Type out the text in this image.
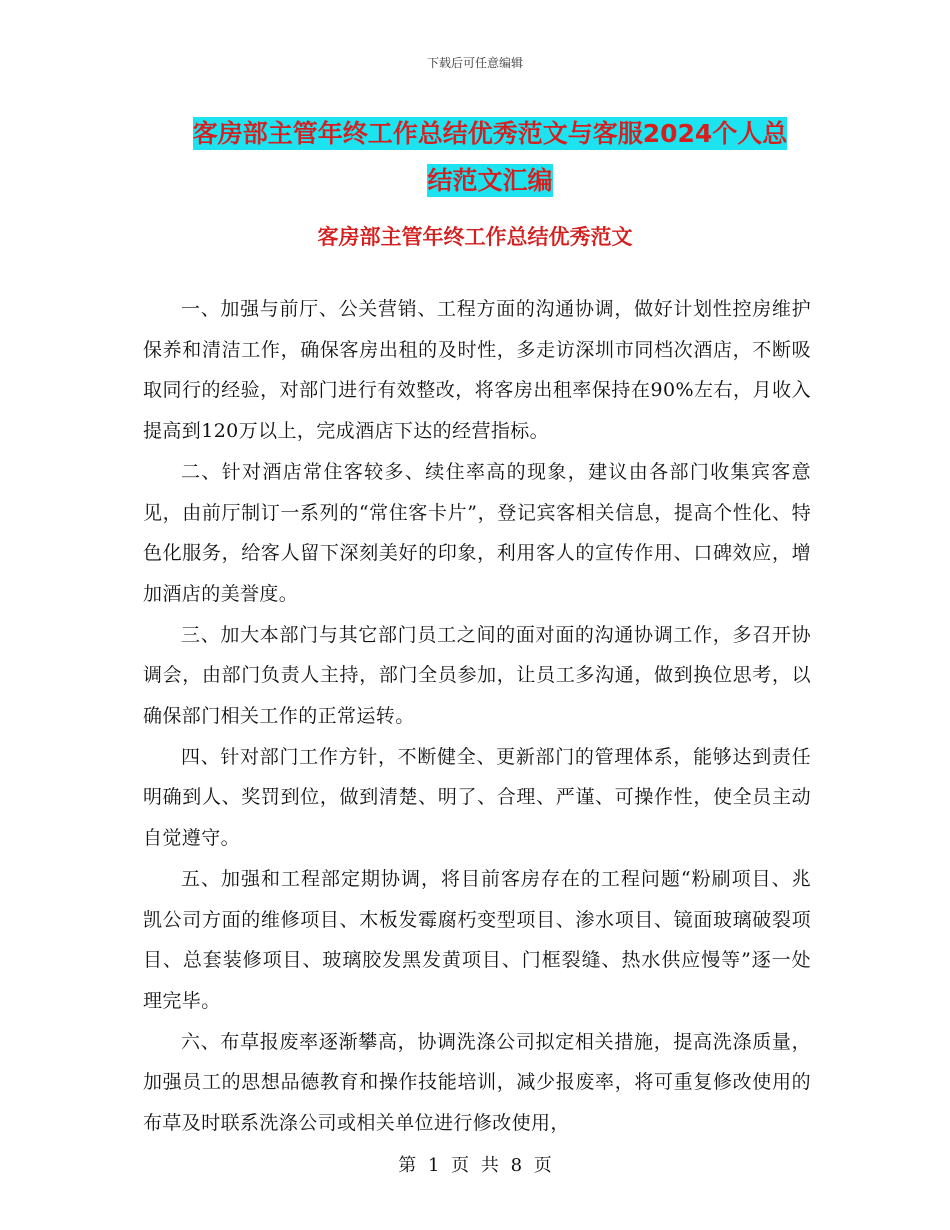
下载后可任意编辑
客房部主管年终工作总结优秀范文与客服2024个人总
结范文汇编
客房部主管年终工作总结优秀范文

一、加强与前厅、公关营销、工程方面的沟通协调，做好计划性控房维护保养和清洁工作，确保客房出租的及时性，多走访深圳市同档次酒店，不断吸取同行的经验，对部门进行有效整改，将客房出租率保持在90%左右，月收入提高到120万以上，完成酒店下达的经营指标。

二、针对酒店常住客较多、续住率高的现象，建议由各部门收集宾客意见，由前厅制订一系列的“常住客卡片”，登记宾客相关信息，提高个性化、特色化服务，给客人留下深刻美好的印象，利用客人的宣传作用、口碑效应，增加酒店的美誉度。

三、加大本部门与其它部门员工之间的面对面的沟通协调工作，多召开协调会，由部门负责人主持，部门全员参加，让员工多沟通，做到换位思考，以确保部门相关工作的正常运转。

四、针对部门工作方针，不断健全、更新部门的管理体系，能够达到责任明确到人、奖罚到位，做到清楚、明了、合理、严谨、可操作性，使全员主动自觉遵守。

五、加强和工程部定期协调，将目前客房存在的工程问题“粉刷项目、兆凯公司方面的维修项目、木板发霉腐朽变型项目、渗水项目、镜面玻璃破裂项目、总套装修项目、玻璃胶发黑发黄项目、门框裂缝、热水供应慢等”逐一处理完毕。

六、布草报废率逐渐攀高，协调洗涤公司拟定相关措施，提高洗涤质量，加强员工的思想品德教育和操作技能培训，减少报废率，将可重复修改使用的布草及时联系洗涤公司或相关单位进行修改使用，

第 1 页 共 8 页
